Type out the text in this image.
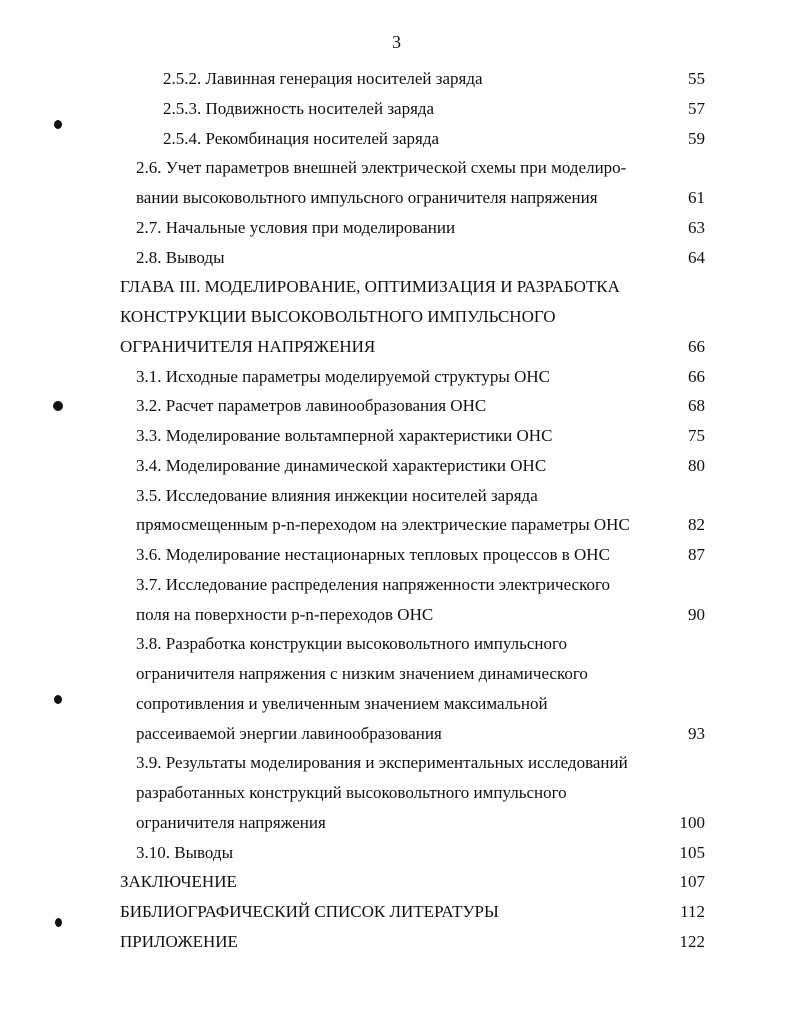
3
2.5.2. Лавинная генерация носителей заряда	55
2.5.3. Подвижность носителей заряда	57
2.5.4. Рекомбинация носителей заряда	59
2.6. Учет параметров внешней электрической схемы при моделиро-
вании высоковольтного импульсного ограничителя напряжения	61
2.7. Начальные условия при моделировании	63
2.8. Выводы	64
ГЛАВА III. МОДЕЛИРОВАНИЕ, ОПТИМИЗАЦИЯ И РАЗРАБОТКА
КОНСТРУКЦИИ ВЫСОКОВОЛЬТНОГО ИМПУЛЬСНОГО
ОГРАНИЧИТЕЛЯ НАПРЯЖЕНИЯ	66
3.1. Исходные параметры моделируемой структуры ОНС	66
3.2. Расчет параметров лавинообразования ОНС	68
3.3. Моделирование вольтамперной характеристики ОНС	75
3.4. Моделирование динамической характеристики ОНС	80
3.5. Исследование влияния инжекции носителей заряда
прямосмещенным p-n-переходом на электрические параметры ОНС	82
3.6. Моделирование нестационарных тепловых процессов в ОНС	87
3.7. Исследование распределения напряженности электрического
поля на поверхности p-n-переходов ОНС	90
3.8. Разработка конструкции высоковольтного импульсного
ограничителя напряжения с низким значением динамического
сопротивления и увеличенным значением максимальной
рассеиваемой энергии лавинообразования	93
3.9. Результаты моделирования и экспериментальных исследований
разработанных конструкций высоковольтного импульсного
ограничителя напряжения	100
3.10. Выводы	105
ЗАКЛЮЧЕНИЕ	107
БИБЛИОГРАФИЧЕСКИЙ СПИСОК ЛИТЕРАТУРЫ	112
ПРИЛОЖЕНИЕ	122
